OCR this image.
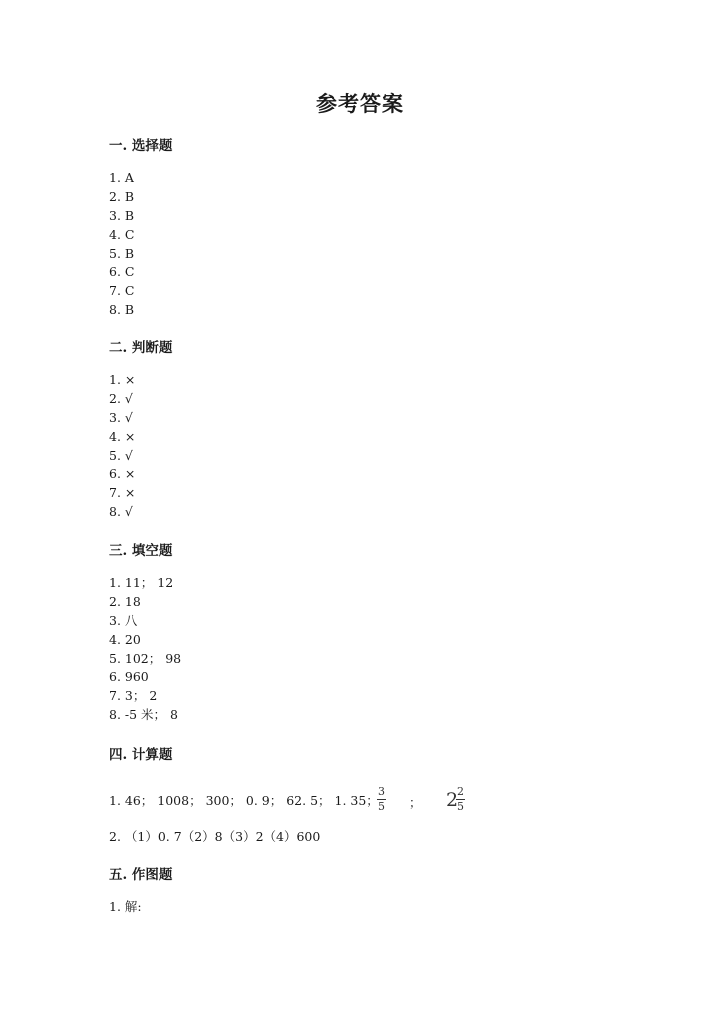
参考答案
一. 选择题
1. A
2. B
3. B
4. C
5. B
6. C
7. C
8. B
二. 判断题
1. ×
2. √
3. √
4. ×
5. √
6. ×
7. ×
8. √
三. 填空题
1. 11； 12
2. 18
3. 八
4. 20
5. 102； 98
6. 960
7. 3； 2
8. -5 米； 8
四. 计算题
1. 46； 1008； 300； 0. 9； 62. 5； 1. 35；
3
5 ； 2
2
5
2. （1）0. 7（2）8（3）2（4）600
五. 作图题
1. 解:
